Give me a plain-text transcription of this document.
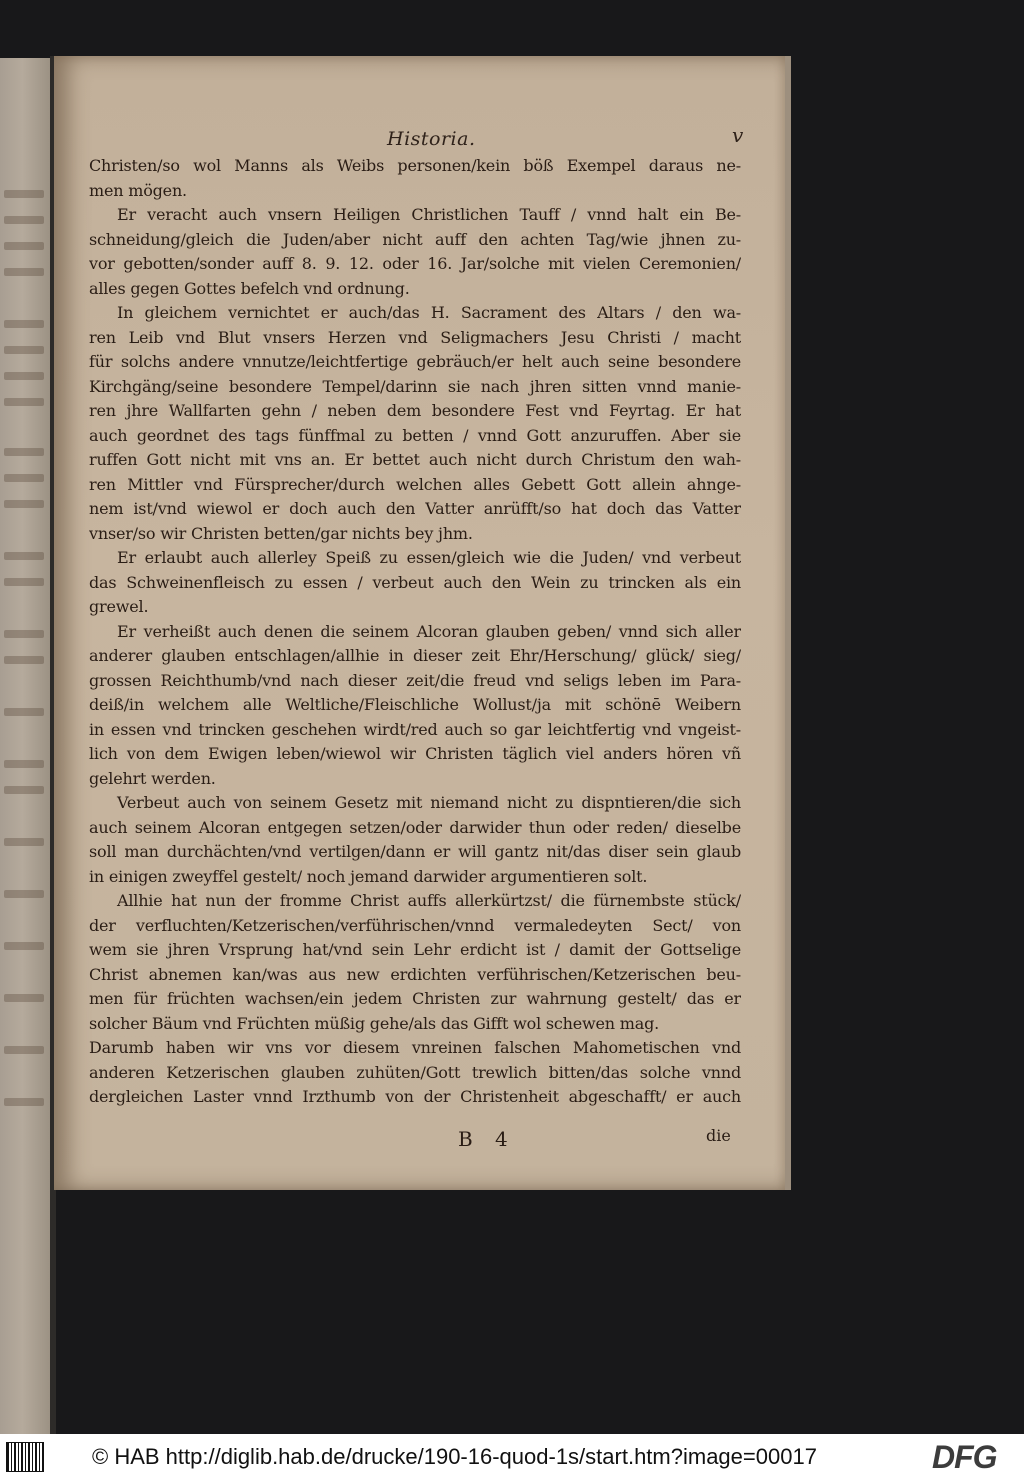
Historia.	v
Christen/so wol Manns als Weibs personen/kein böß Exempel daraus ne-
men mögen.
Er veracht auch vnsern Heiligen Christlichen Tauff / vnnd halt ein Be-
schneidung/gleich die Juden/aber nicht auff den achten Tag/wie jhnen zu-
vor gebotten/sonder auff 8. 9. 12. oder 16. Jar/solche mit vielen Ceremonien/
alles gegen Gottes befelch vnd ordnung.
In gleichem vernichtet er auch/das H. Sacrament des Altars / den wa-
ren Leib vnd Blut vnsers Herzen vnd Seligmachers Jesu Christi / macht
für solchs andere vnnutze/leichtfertige gebräuch/er helt auch seine besondere
Kirchgäng/seine besondere Tempel/darinn sie nach jhren sitten vnnd manie-
ren jhre Wallfarten gehn / neben dem besondere Fest vnd Feyrtag. Er hat
auch geordnet des tags fünffmal zu betten / vnnd Gott anzuruffen. Aber sie
ruffen Gott nicht mit vns an. Er bettet auch nicht durch Christum den wah-
ren Mittler vnd Fürsprecher/durch welchen alles Gebett Gott allein ahnge-
nem ist/vnd wiewol er doch auch den Vatter anrüfft/so hat doch das Vatter
vnser/so wir Christen betten/gar nichts bey jhm.
Er erlaubt auch allerley Speiß zu essen/gleich wie die Juden/ vnd verbeut
das Schweinenfleisch zu essen / verbeut auch den Wein zu trincken als ein
grewel.
Er verheißt auch denen die seinem Alcoran glauben geben/ vnnd sich aller
anderer glauben entschlagen/allhie in dieser zeit Ehr/Herschung/ glück/ sieg/
grossen Reichthumb/vnd nach dieser zeit/die freud vnd seligs leben im Para-
deiß/in welchem alle Weltliche/Fleischliche Wollust/ja mit schönē Weibern
in essen vnd trincken geschehen wirdt/red auch so gar leichtfertig vnd vngeist-
lich von dem Ewigen leben/wiewol wir Christen täglich viel anders hören vñ
gelehrt werden.
Verbeut auch von seinem Gesetz mit niemand nicht zu dispntieren/die sich
auch seinem Alcoran entgegen setzen/oder darwider thun oder reden/ dieselbe
soll man durchächten/vnd vertilgen/dann er will gantz nit/das diser sein glaub
in einigen zweyffel gestelt/ noch jemand darwider argumentieren solt.
Allhie hat nun der fromme Christ auffs allerkürtzst/ die fürnembste stück/
der verfluchten/Ketzerischen/verführischen/vnnd vermaledeyten Sect/ von
wem sie jhren Vrsprung hat/vnd sein Lehr erdicht ist / damit der Gottselige
Christ abnemen kan/was aus new erdichten verführischen/Ketzerischen beu-
men für früchten wachsen/ein jedem Christen zur wahrnung gestelt/ das er
solcher Bäum vnd Früchten müßig gehe/als das Gifft wol schewen mag.
Darumb haben wir vns vor diesem vnreinen falschen Mahometischen vnd
anderen Ketzerischen glauben zuhüten/Gott trewlich bitten/das solche vnnd
dergleichen Laster vnnd Irzthumb von der Christenheit abgeschafft/ er auch
B 4	die
© HAB http://diglib.hab.de/drucke/190-16-quod-1s/start.htm?image=00017	DFG
